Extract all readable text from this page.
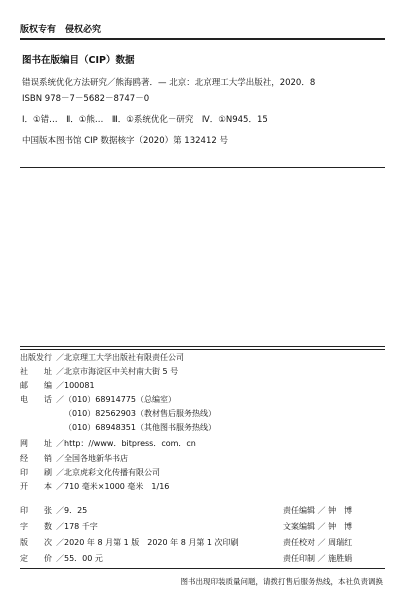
版权专有　侵权必究
图书在版编目（CIP）数据
错误系统优化方法研究／熊海鸥著．— 北京：北京理工大学出版社，2020．8
ISBN 978－7－5682－8747－0
Ⅰ．①错…　Ⅱ．①熊…　Ⅲ．①系统优化－研究　Ⅳ．①N945．15
中国版本图书馆 CIP 数据核字（2020）第 132412 号
出版发行 ／北京理工大学出版社有限责任公司
社　　址 ／北京市海淀区中关村南大街 5 号
邮　　编 ／100081
电　　话 ／（010）68914775（总编室）
（010）82562903（教材售后服务热线）
（010）68948351（其他图书服务热线）
网　　址 ／http：//www．bitpress．com．cn
经　　销 ／全国各地新华书店
印　　刷 ／北京虎彩文化传播有限公司
开　　本 ／710 毫米×1000 毫米　1/16
印　　张 ／9．25
字　　数 ／178 千字
版　　次 ／2020 年 8 月第 1 版　2020 年 8 月第 1 次印刷
定　　价 ／55．00 元
责任编辑 ／ 钟　博
文案编辑 ／ 钟　博
责任校对 ／ 周瑞红
责任印制 ／ 施胜娟
图书出现印装质量问题，请拨打售后服务热线，本社负责调换
